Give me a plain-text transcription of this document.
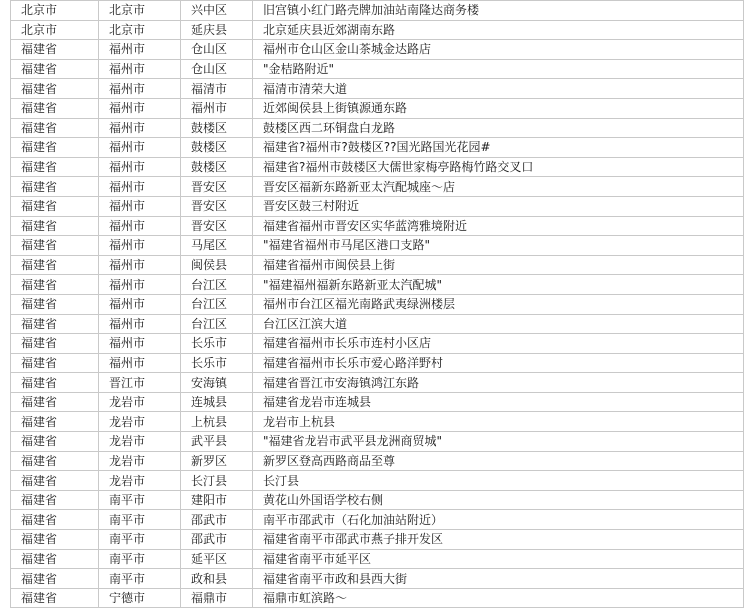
北京市	北京市	兴中区	旧宫镇小红门路壳牌加油站南隆达商务楼
北京市	北京市	延庆县	北京延庆县近郊湖南东路
福建省	福州市	仓山区	福州市仓山区金山茶城金达路店
福建省	福州市	仓山区	"金桔路附近"
福建省	福州市	福清市	福清市清荣大道
福建省	福州市	福州市	近郊闽侯县上街镇源通东路
福建省	福州市	鼓楼区	鼓楼区西二环铜盘白龙路
福建省	福州市	鼓楼区	福建省?福州市?鼓楼区??国光路国光花园#
福建省	福州市	鼓楼区	福建省?福州市鼓楼区大儒世家梅亭路梅竹路交叉口
福建省	福州市	晋安区	晋安区福新东路新亚太汽配城座～店
福建省	福州市	晋安区	晋安区鼓三村附近
福建省	福州市	晋安区	福建省福州市晋安区实华蓝湾雅境附近
福建省	福州市	马尾区	"福建省福州市马尾区港口支路"
福建省	福州市	闽侯县	福建省福州市闽侯县上街
福建省	福州市	台江区	"福建福州福新东路新亚太汽配城"
福建省	福州市	台江区	福州市台江区福光南路武夷绿洲楼层
福建省	福州市	台江区	台江区江滨大道
福建省	福州市	长乐市	福建省福州市长乐市连村小区店
福建省	福州市	长乐市	福建省福州市长乐市爱心路洋野村
福建省	晋江市	安海镇	福建省晋江市安海镇鸿江东路
福建省	龙岩市	连城县	福建省龙岩市连城县
福建省	龙岩市	上杭县	龙岩市上杭县
福建省	龙岩市	武平县	"福建省龙岩市武平县龙洲商贸城"
福建省	龙岩市	新罗区	新罗区登高西路商品至尊
福建省	龙岩市	长汀县	长汀县
福建省	南平市	建阳市	黄花山外国语学校右侧
福建省	南平市	邵武市	南平市邵武市（石化加油站附近）
福建省	南平市	邵武市	福建省南平市邵武市燕子排开发区
福建省	南平市	延平区	福建省南平市延平区
福建省	南平市	政和县	福建省南平市政和县西大街
福建省	宁德市	福鼎市	福鼎市虹滨路～
